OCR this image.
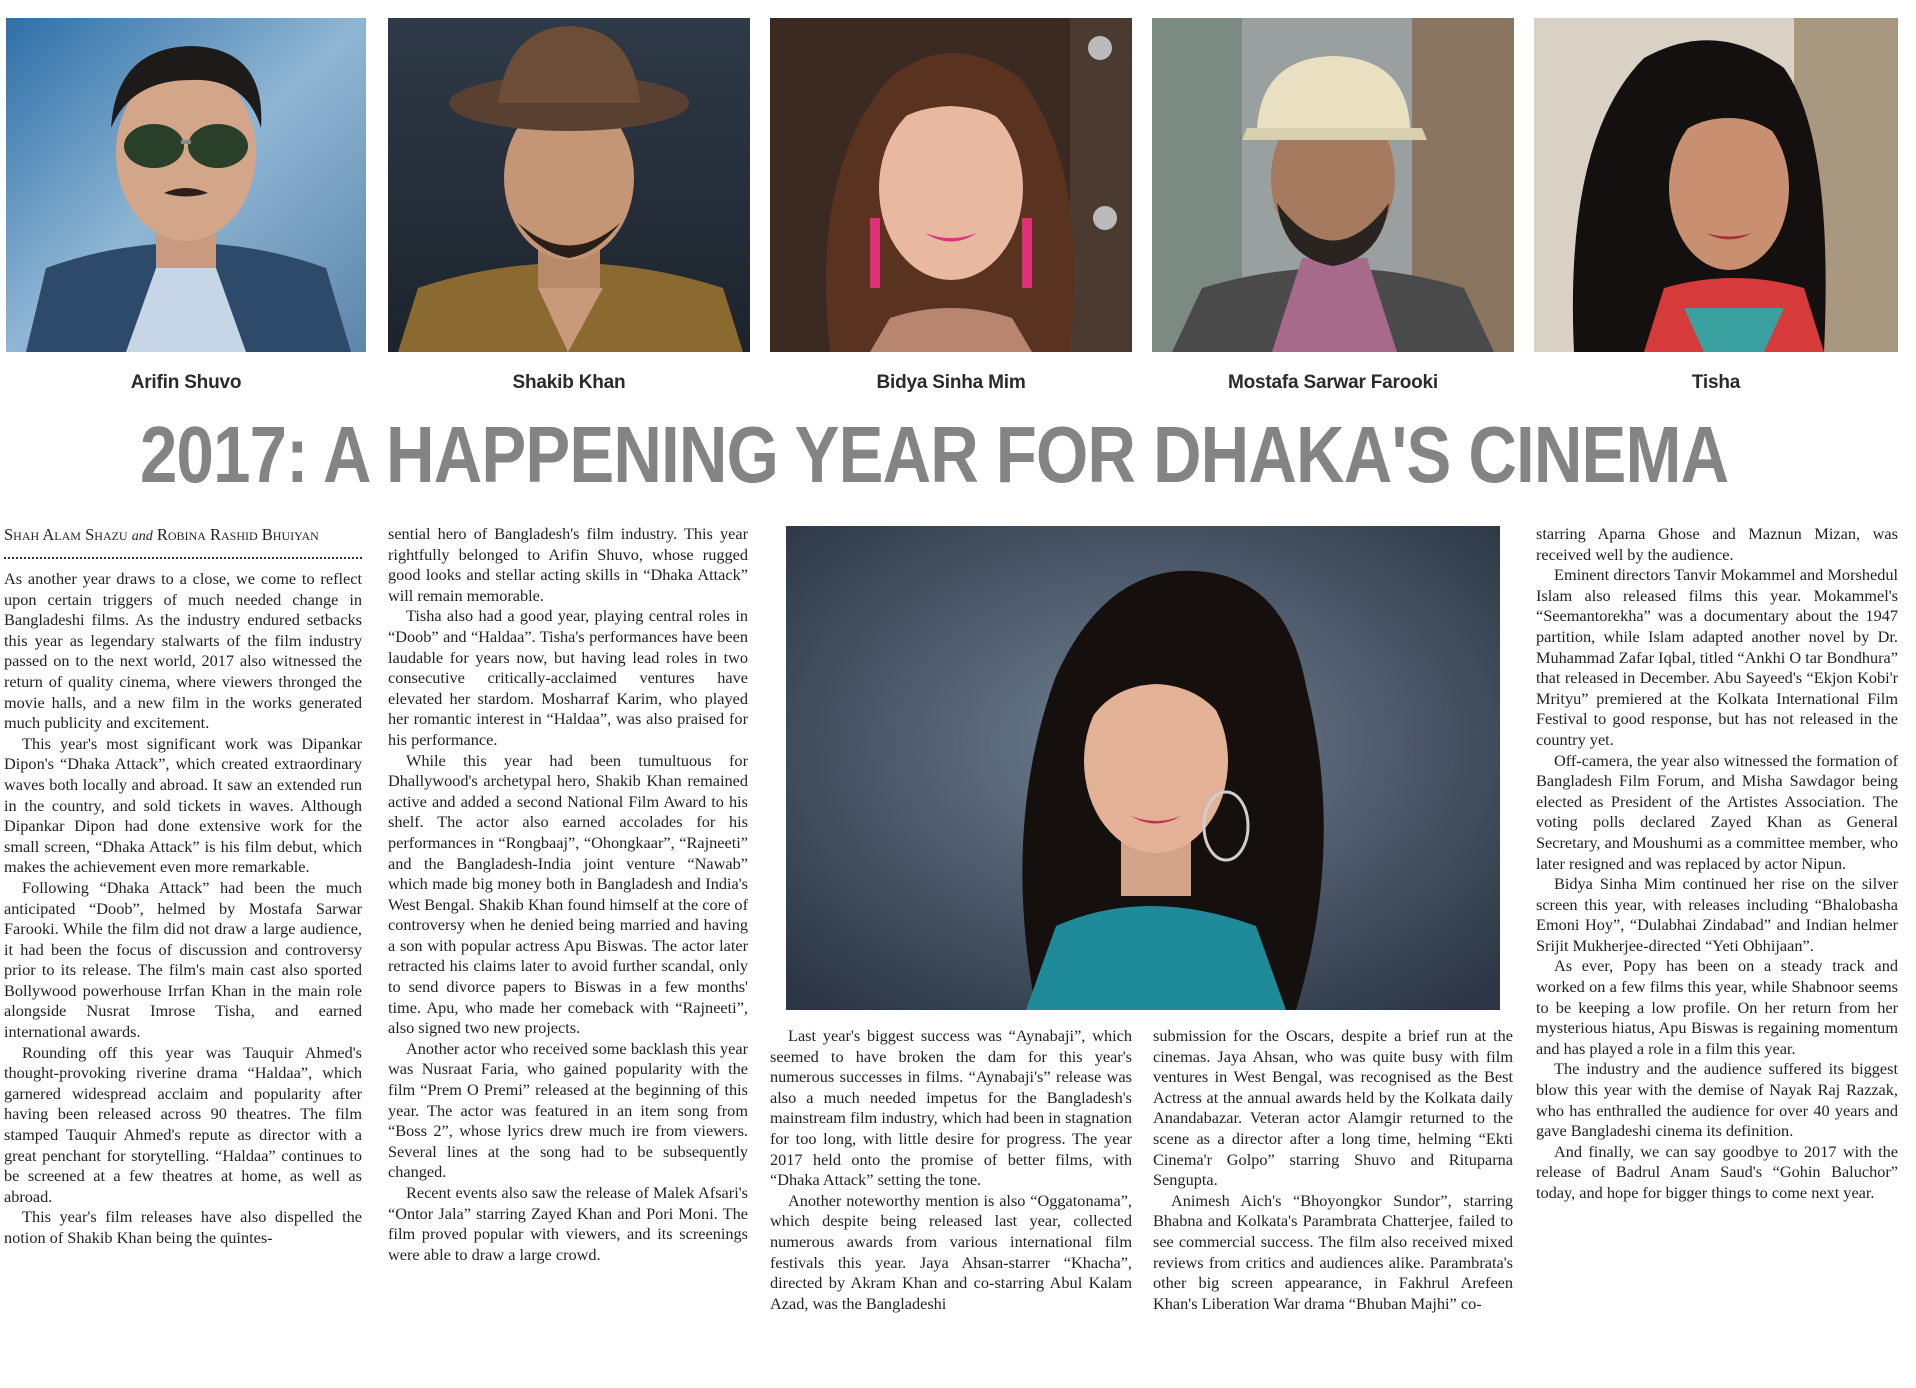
Arifin Shuvo	Shakib Khan	Bidya Sinha Mim	Mostafa Sarwar Farooki	Tisha
2017: A HAPPENING YEAR FOR DHAKA'S CINEMA
Shah Alam Shazu and Robina Rashid Bhuiyan

As another year draws to a close, we come to reflect upon certain triggers of much needed change in Bangladeshi films. As the industry endured setbacks this year as legendary stalwarts of the film industry passed on to the next world, 2017 also witnessed the return of quality cinema, where viewers thronged the movie halls, and a new film in the works generated much publicity and excitement.

This year's most significant work was Dipankar Dipon's “Dhaka Attack”, which created extraordinary waves both locally and abroad. It saw an extended run in the country, and sold tickets in waves. Although Dipankar Dipon had done extensive work for the small screen, “Dhaka Attack” is his film debut, which makes the achievement even more remarkable.

Following “Dhaka Attack” had been the much anticipated “Doob”, helmed by Mostafa Sarwar Farooki. While the film did not draw a large audience, it had been the focus of discussion and controversy prior to its release. The film's main cast also sported Bollywood powerhouse Irrfan Khan in the main role alongside Nusrat Imrose Tisha, and earned international awards.

Rounding off this year was Tauquir Ahmed's thought-provoking riverine drama “Haldaa”, which garnered widespread acclaim and popularity after having been released across 90 theatres. The film stamped Tauquir Ahmed's repute as director with a great penchant for storytelling. “Haldaa” continues to be screened at a few theatres at home, as well as abroad.

This year's film releases have also dispelled the notion of Shakib Khan being the quintes-

sential hero of Bangladesh's film industry. This year rightfully belonged to Arifin Shuvo, whose rugged good looks and stellar acting skills in “Dhaka Attack” will remain memorable.

Tisha also had a good year, playing central roles in “Doob” and “Haldaa”. Tisha's performances have been laudable for years now, but having lead roles in two consecutive critically-acclaimed ventures have elevated her stardom. Mosharraf Karim, who played her romantic interest in “Haldaa”, was also praised for his performance.

While this year had been tumultuous for Dhallywood's archetypal hero, Shakib Khan remained active and added a second National Film Award to his shelf. The actor also earned accolades for his performances in “Rongbaaj”, “Ohongkaar”, “Rajneeti” and the Bangladesh-India joint venture “Nawab” which made big money both in Bangladesh and India's West Bengal. Shakib Khan found himself at the core of controversy when he denied being married and having a son with popular actress Apu Biswas. The actor later retracted his claims later to avoid further scandal, only to send divorce papers to Biswas in a few months' time. Apu, who made her comeback with “Rajneeti”, also signed two new projects.

Another actor who received some backlash this year was Nusraat Faria, who gained popularity with the film “Prem O Premi” released at the beginning of this year. The actor was featured in an item song from “Boss 2”, whose lyrics drew much ire from viewers. Several lines at the song had to be subsequently changed.

Recent events also saw the release of Malek Afsari's “Ontor Jala” starring Zayed Khan and Pori Moni. The film proved popular with viewers, and its screenings were able to draw a large crowd.

Last year's biggest success was “Aynabaji”, which seemed to have broken the dam for this year's numerous successes in films. “Aynabaji's” release was also a much needed impetus for the Bangladesh's mainstream film industry, which had been in stagnation for too long, with little desire for progress. The year 2017 held onto the promise of better films, with “Dhaka Attack” setting the tone.

Another noteworthy mention is also “Oggatonama”, which despite being released last year, collected numerous awards from various international film festivals this year. Jaya Ahsan-starrer “Khacha”, directed by Akram Khan and co-starring Abul Kalam Azad, was the Bangladeshi

submission for the Oscars, despite a brief run at the cinemas. Jaya Ahsan, who was quite busy with film ventures in West Bengal, was recognised as the Best Actress at the annual awards held by the Kolkata daily Anandabazar. Veteran actor Alamgir returned to the scene as a director after a long time, helming “Ekti Cinema'r Golpo” starring Shuvo and Rituparna Sengupta.

Animesh Aich's “Bhoyongkor Sundor”, starring Bhabna and Kolkata's Parambrata Chatterjee, failed to see commercial success. The film also received mixed reviews from critics and audiences alike. Parambrata's other big screen appearance, in Fakhrul Arefeen Khan's Liberation War drama “Bhuban Majhi” co-

starring Aparna Ghose and Maznun Mizan, was received well by the audience.

Eminent directors Tanvir Mokammel and Morshedul Islam also released films this year. Mokammel's “Seemantorekha” was a documentary about the 1947 partition, while Islam adapted another novel by Dr. Muhammad Zafar Iqbal, titled “Ankhi O tar Bondhura” that released in December. Abu Sayeed's “Ekjon Kobi'r Mrityu” premiered at the Kolkata International Film Festival to good response, but has not released in the country yet.

Off-camera, the year also witnessed the formation of Bangladesh Film Forum, and Misha Sawdagor being elected as President of the Artistes Association. The voting polls declared Zayed Khan as General Secretary, and Moushumi as a committee member, who later resigned and was replaced by actor Nipun.

Bidya Sinha Mim continued her rise on the silver screen this year, with releases including “Bhalobasha Emoni Hoy”, “Dulabhai Zindabad” and Indian helmer Srijit Mukherjee-directed “Yeti Obhijaan”.

As ever, Popy has been on a steady track and worked on a few films this year, while Shabnoor seems to be keeping a low profile. On her return from her mysterious hiatus, Apu Biswas is regaining momentum and has played a role in a film this year.

The industry and the audience suffered its biggest blow this year with the demise of Nayak Raj Razzak, who has enthralled the audience for over 40 years and gave Bangladeshi cinema its definition.

And finally, we can say goodbye to 2017 with the release of Badrul Anam Saud's “Gohin Baluchor” today, and hope for bigger things to come next year.
